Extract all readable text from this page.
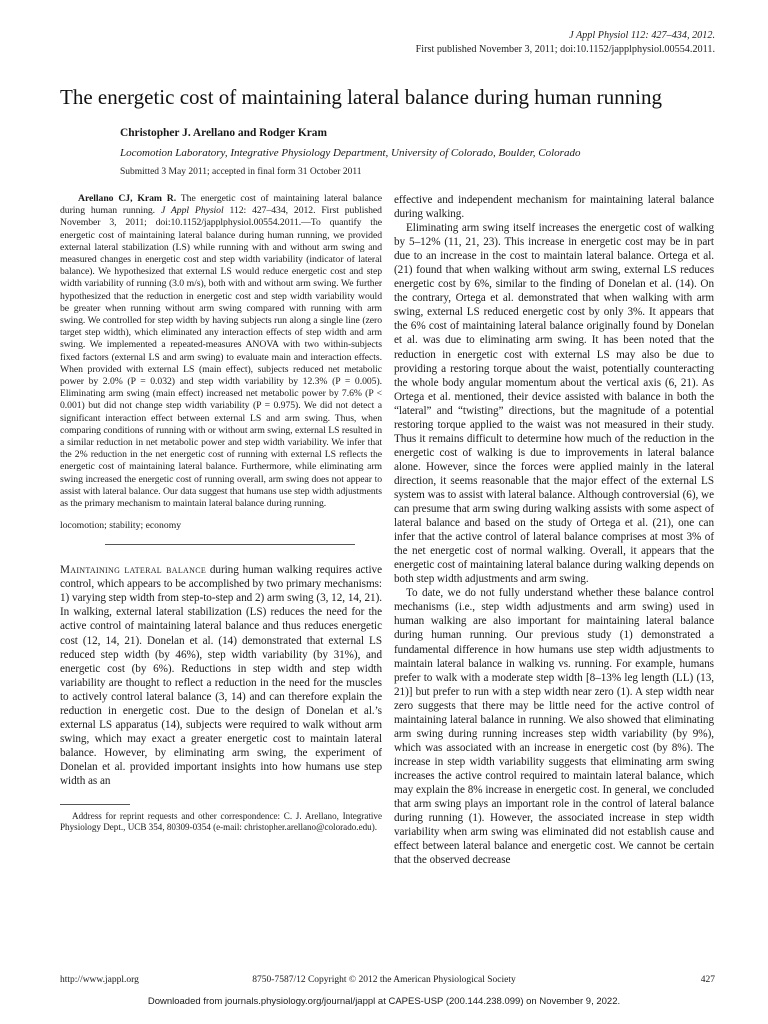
J Appl Physiol 112: 427–434, 2012.
First published November 3, 2011; doi:10.1152/japplphysiol.00554.2011.
The energetic cost of maintaining lateral balance during human running
Christopher J. Arellano and Rodger Kram
Locomotion Laboratory, Integrative Physiology Department, University of Colorado, Boulder, Colorado
Submitted 3 May 2011; accepted in final form 31 October 2011

Arellano CJ, Kram R. The energetic cost of maintaining lateral balance during human running. J Appl Physiol 112: 427–434, 2012. First published November 3, 2011; doi:10.1152/japplphysiol.00554.2011.—To quantify the energetic cost of maintaining lateral balance during human running, we provided external lateral stabilization (LS) while running with and without arm swing and measured changes in energetic cost and step width variability (indicator of lateral balance). We hypothesized that external LS would reduce energetic cost and step width variability of running (3.0 m/s), both with and without arm swing. We further hypothesized that the reduction in energetic cost and step width variability would be greater when running without arm swing compared with running with arm swing. We controlled for step width by having subjects run along a single line (zero target step width), which eliminated any interaction effects of step width and arm swing. We implemented a repeated-measures ANOVA with two within-subjects fixed factors (external LS and arm swing) to evaluate main and interaction effects. When provided with external LS (main effect), subjects reduced net metabolic power by 2.0% (P = 0.032) and step width variability by 12.3% (P = 0.005). Eliminating arm swing (main effect) increased net metabolic power by 7.6% (P < 0.001) but did not change step width variability (P = 0.975). We did not detect a significant interaction effect between external LS and arm swing. Thus, when comparing conditions of running with or without arm swing, external LS resulted in a similar reduction in net metabolic power and step width variability. We infer that the 2% reduction in the net energetic cost of running with external LS reflects the energetic cost of maintaining lateral balance. Furthermore, while eliminating arm swing increased the energetic cost of running overall, arm swing does not appear to assist with lateral balance. Our data suggest that humans use step width adjustments as the primary mechanism to maintain lateral balance during running.

locomotion; stability; economy

Maintaining lateral balance during human walking requires active control, which appears to be accomplished by two primary mechanisms: 1) varying step width from step-to-step and 2) arm swing (3, 12, 14, 21). In walking, external lateral stabilization (LS) reduces the need for the active control of maintaining lateral balance and thus reduces energetic cost (12, 14, 21). Donelan et al. (14) demonstrated that external LS reduced step width (by 46%), step width variability (by 31%), and energetic cost (by 6%). Reductions in step width and step width variability are thought to reflect a reduction in the need for the muscles to actively control lateral balance (3, 14) and can therefore explain the reduction in energetic cost. Due to the design of Donelan et al.’s external LS apparatus (14), subjects were required to walk without arm swing, which may exact a greater energetic cost to maintain lateral balance. However, by eliminating arm swing, the experiment of Donelan et al. provided important insights into how humans use step width as an

Address for reprint requests and other correspondence: C. J. Arellano, Integrative Physiology Dept., UCB 354, 80309-0354 (e-mail: christopher.arellano@colorado.edu).

effective and independent mechanism for maintaining lateral balance during walking.

Eliminating arm swing itself increases the energetic cost of walking by 5–12% (11, 21, 23). This increase in energetic cost may be in part due to an increase in the cost to maintain lateral balance. Ortega et al. (21) found that when walking without arm swing, external LS reduces energetic cost by 6%, similar to the finding of Donelan et al. (14). On the contrary, Ortega et al. demonstrated that when walking with arm swing, external LS reduced energetic cost by only 3%. It appears that the 6% cost of maintaining lateral balance originally found by Donelan et al. was due to eliminating arm swing. It has been noted that the reduction in energetic cost with external LS may also be due to providing a restoring torque about the waist, potentially counteracting the whole body angular momentum about the vertical axis (6, 21). As Ortega et al. mentioned, their device assisted with balance in both the “lateral” and “twisting” directions, but the magnitude of a potential restoring torque applied to the waist was not measured in their study. Thus it remains difficult to determine how much of the reduction in the energetic cost of walking is due to improvements in lateral balance alone. However, since the forces were applied mainly in the lateral direction, it seems reasonable that the major effect of the external LS system was to assist with lateral balance. Although controversial (6), we can presume that arm swing during walking assists with some aspect of lateral balance and based on the study of Ortega et al. (21), one can infer that the active control of lateral balance comprises at most 3% of the net energetic cost of normal walking. Overall, it appears that the energetic cost of maintaining lateral balance during walking depends on both step width adjustments and arm swing.

To date, we do not fully understand whether these balance control mechanisms (i.e., step width adjustments and arm swing) used in human walking are also important for maintaining lateral balance during human running. Our previous study (1) demonstrated a fundamental difference in how humans use step width adjustments to maintain lateral balance in walking vs. running. For example, humans prefer to walk with a moderate step width [8–13% leg length (LL) (13, 21)] but prefer to run with a step width near zero (1). A step width near zero suggests that there may be little need for the active control of maintaining lateral balance in running. We also showed that eliminating arm swing during running increases step width variability (by 9%), which was associated with an increase in energetic cost (by 8%). The increase in step width variability suggests that eliminating arm swing increases the active control required to maintain lateral balance, which may explain the 8% increase in energetic cost. In general, we concluded that arm swing plays an important role in the control of lateral balance during running (1). However, the associated increase in step width variability when arm swing was eliminated did not establish cause and effect between lateral balance and energetic cost. We cannot be certain that the observed decrease

http://www.jappl.org	8750-7587/12 Copyright © 2012 the American Physiological Society	427
Downloaded from journals.physiology.org/journal/jappl at CAPES-USP (200.144.238.099) on November 9, 2022.
